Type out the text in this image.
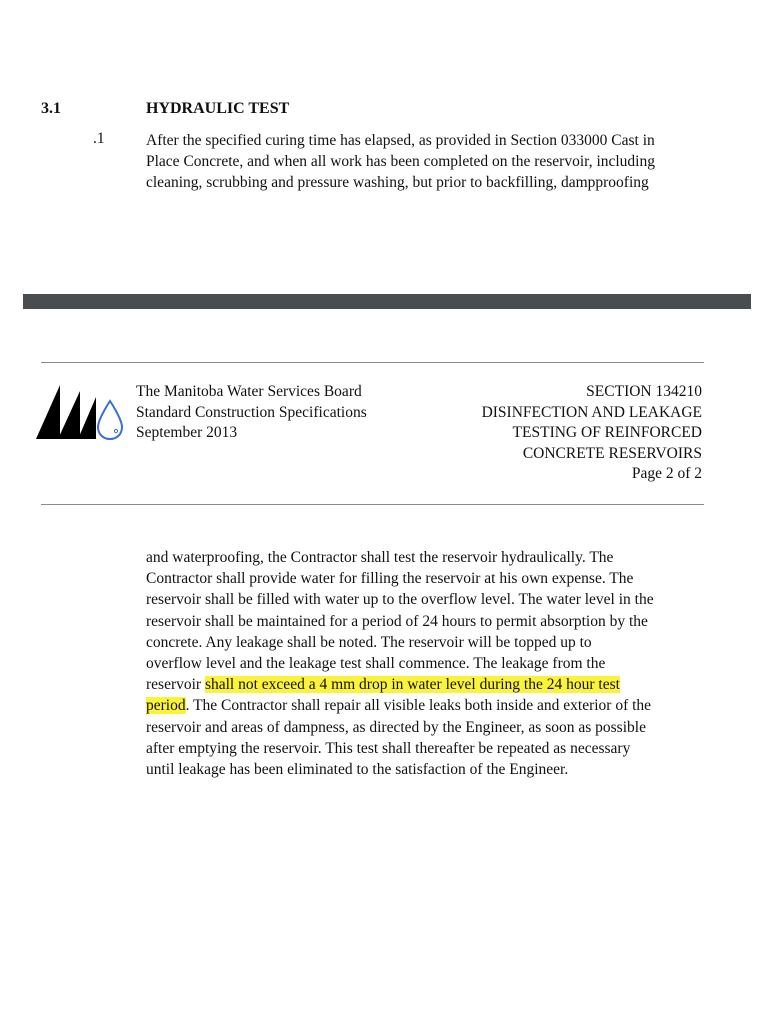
3.1	HYDRAULIC TEST
.1	After the specified curing time has elapsed, as provided in Section 033000 Cast in
Place Concrete, and when all work has been completed on the reservoir, including
cleaning, scrubbing and pressure washing, but prior to backfilling, dampproofing
The Manitoba Water Services Board
Standard Construction Specifications
September 2013
SECTION 134210
DISINFECTION AND LEAKAGE
TESTING OF REINFORCED
CONCRETE RESERVOIRS
Page 2 of 2
and waterproofing, the Contractor shall test the reservoir hydraulically. The
Contractor shall provide water for filling the reservoir at his own expense. The
reservoir shall be filled with water up to the overflow level. The water level in the
reservoir shall be maintained for a period of 24 hours to permit absorption by the
concrete. Any leakage shall be noted. The reservoir will be topped up to
overflow level and the leakage test shall commence. The leakage from the
reservoir shall not exceed a 4 mm drop in water level during the 24 hour test
period. The Contractor shall repair all visible leaks both inside and exterior of the
reservoir and areas of dampness, as directed by the Engineer, as soon as possible
after emptying the reservoir. This test shall thereafter be repeated as necessary
until leakage has been eliminated to the satisfaction of the Engineer.
